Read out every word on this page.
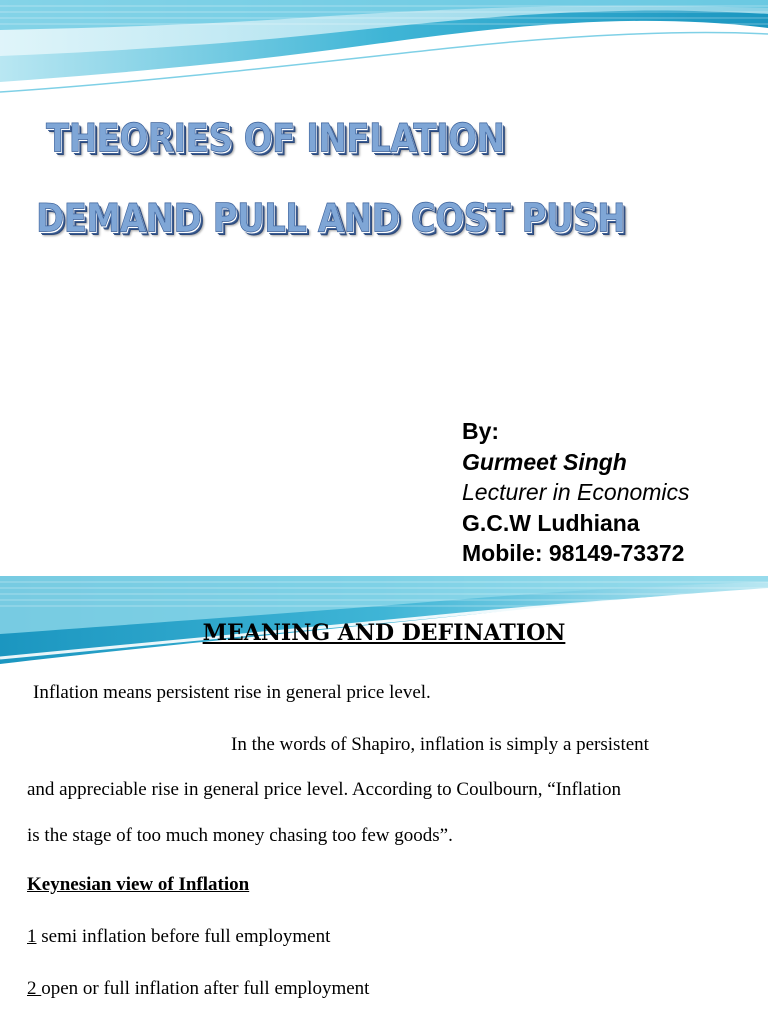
THEORIES OF INFLATION
DEMAND PULL AND COST PUSH
By:
Gurmeet Singh
Lecturer in Economics
G.C.W Ludhiana
Mobile: 98149-73372
MEANING AND DEFINATION
Inflation means persistent rise in general price level.
In the words of Shapiro, inflation is simply a persistent
and appreciable rise in general price level. According to Coulbourn, “Inflation
is the stage of too much money chasing too few goods”.
Keynesian view of Inflation
1 semi inflation before full employment
2 open or full inflation after full employment
